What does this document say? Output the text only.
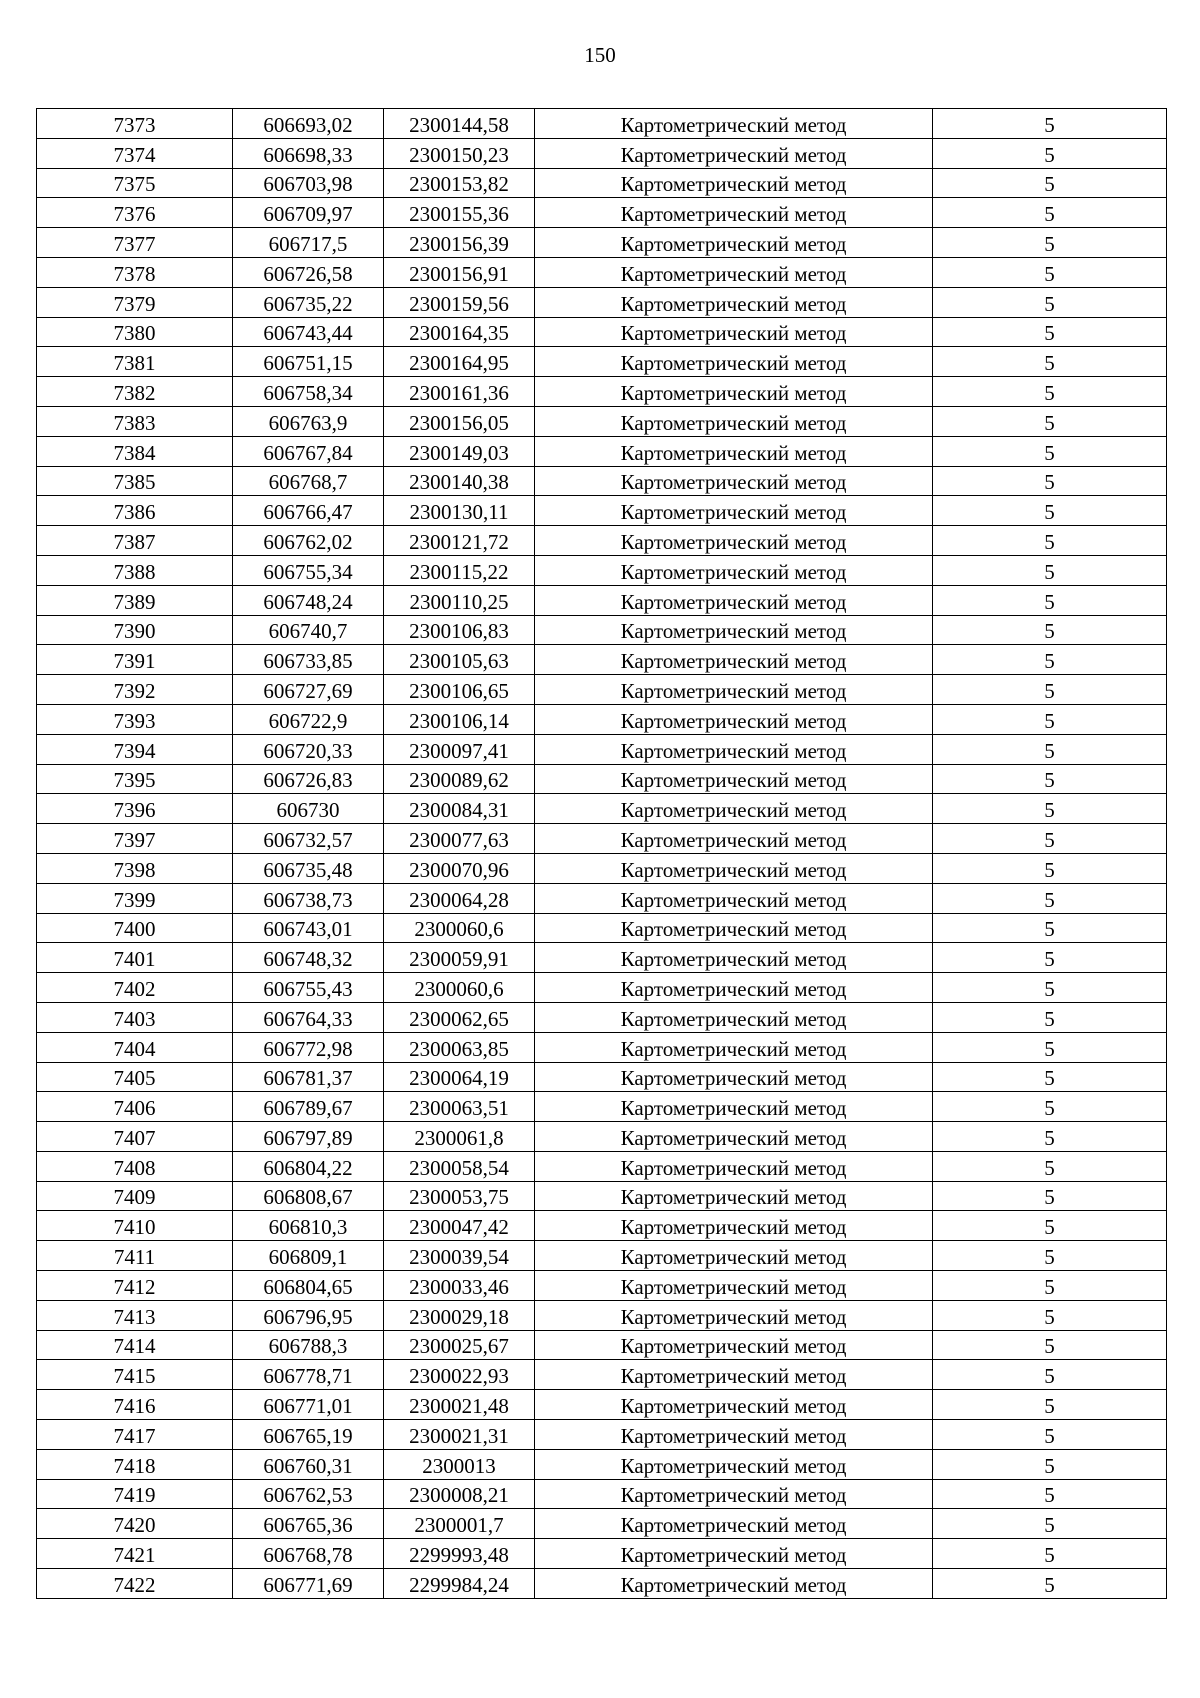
150
7373	606693,02	2300144,58	Картометрический метод	5
7374	606698,33	2300150,23	Картометрический метод	5
7375	606703,98	2300153,82	Картометрический метод	5
7376	606709,97	2300155,36	Картометрический метод	5
7377	606717,5	2300156,39	Картометрический метод	5
7378	606726,58	2300156,91	Картометрический метод	5
7379	606735,22	2300159,56	Картометрический метод	5
7380	606743,44	2300164,35	Картометрический метод	5
7381	606751,15	2300164,95	Картометрический метод	5
7382	606758,34	2300161,36	Картометрический метод	5
7383	606763,9	2300156,05	Картометрический метод	5
7384	606767,84	2300149,03	Картометрический метод	5
7385	606768,7	2300140,38	Картометрический метод	5
7386	606766,47	2300130,11	Картометрический метод	5
7387	606762,02	2300121,72	Картометрический метод	5
7388	606755,34	2300115,22	Картометрический метод	5
7389	606748,24	2300110,25	Картометрический метод	5
7390	606740,7	2300106,83	Картометрический метод	5
7391	606733,85	2300105,63	Картометрический метод	5
7392	606727,69	2300106,65	Картометрический метод	5
7393	606722,9	2300106,14	Картометрический метод	5
7394	606720,33	2300097,41	Картометрический метод	5
7395	606726,83	2300089,62	Картометрический метод	5
7396	606730	2300084,31	Картометрический метод	5
7397	606732,57	2300077,63	Картометрический метод	5
7398	606735,48	2300070,96	Картометрический метод	5
7399	606738,73	2300064,28	Картометрический метод	5
7400	606743,01	2300060,6	Картометрический метод	5
7401	606748,32	2300059,91	Картометрический метод	5
7402	606755,43	2300060,6	Картометрический метод	5
7403	606764,33	2300062,65	Картометрический метод	5
7404	606772,98	2300063,85	Картометрический метод	5
7405	606781,37	2300064,19	Картометрический метод	5
7406	606789,67	2300063,51	Картометрический метод	5
7407	606797,89	2300061,8	Картометрический метод	5
7408	606804,22	2300058,54	Картометрический метод	5
7409	606808,67	2300053,75	Картометрический метод	5
7410	606810,3	2300047,42	Картометрический метод	5
7411	606809,1	2300039,54	Картометрический метод	5
7412	606804,65	2300033,46	Картометрический метод	5
7413	606796,95	2300029,18	Картометрический метод	5
7414	606788,3	2300025,67	Картометрический метод	5
7415	606778,71	2300022,93	Картометрический метод	5
7416	606771,01	2300021,48	Картометрический метод	5
7417	606765,19	2300021,31	Картометрический метод	5
7418	606760,31	2300013	Картометрический метод	5
7419	606762,53	2300008,21	Картометрический метод	5
7420	606765,36	2300001,7	Картометрический метод	5
7421	606768,78	2299993,48	Картометрический метод	5
7422	606771,69	2299984,24	Картометрический метод	5
